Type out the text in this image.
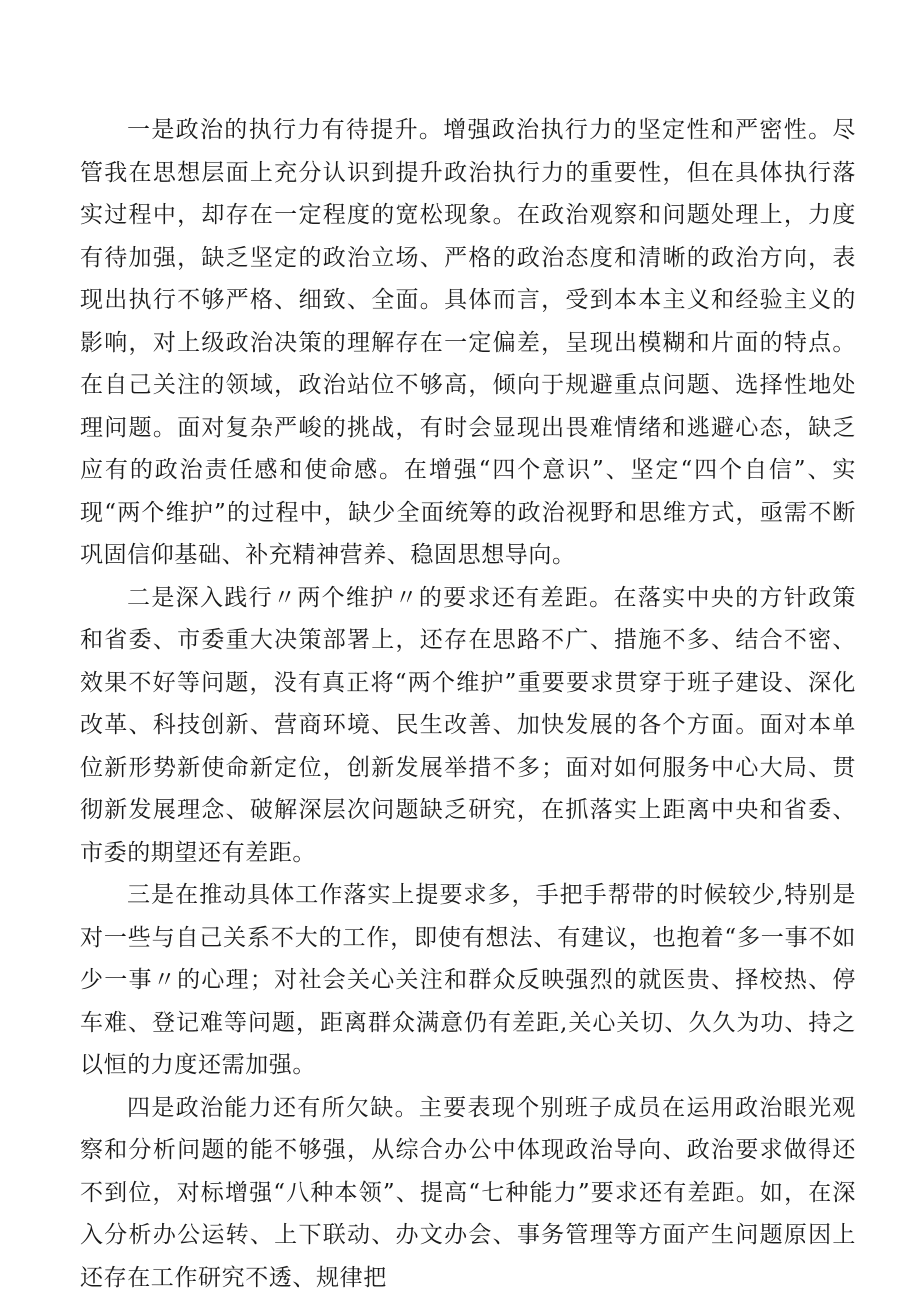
一是政治的执行力有待提升。增强政治执行力的坚定性和严密性。尽管我在思想层面上充分认识到提升政治执行力的重要性，但在具体执行落实过程中，却存在一定程度的宽松现象。在政治观察和问题处理上，力度有待加强，缺乏坚定的政治立场、严格的政治态度和清晰的政治方向，表现出执行不够严格、细致、全面。具体而言，受到本本主义和经验主义的影响，对上级政治决策的理解存在一定偏差，呈现出模糊和片面的特点。在自己关注的领域，政治站位不够高，倾向于规避重点问题、选择性地处理问题。面对复杂严峻的挑战，有时会显现出畏难情绪和逃避心态，缺乏应有的政治责任感和使命感。在增强“四个意识”、坚定“四个自信”、实现“两个维护”的过程中，缺少全面统筹的政治视野和思维方式，亟需不断巩固信仰基础、补充精神营养、稳固思想导向。

二是深入践行〃两个维护〃的要求还有差距。在落实中央的方针政策和省委、市委重大决策部署上，还存在思路不广、措施不多、结合不密、效果不好等问题，没有真正将“两个维护”重要要求贯穿于班子建设、深化改革、科技创新、营商环境、民生改善、加快发展的各个方面。面对本单位新形势新使命新定位，创新发展举措不多；面对如何服务中心大局、贯彻新发展理念、破解深层次问题缺乏研究，在抓落实上距离中央和省委、市委的期望还有差距。

三是在推动具体工作落实上提要求多，手把手帮带的时候较少,特别是对一些与自己关系不大的工作，即使有想法、有建议，也抱着“多一事不如少一事〃的心理；对社会关心关注和群众反映强烈的就医贵、择校热、停车难、登记难等问题，距离群众满意仍有差距,关心关切、久久为功、持之以恒的力度还需加强。

四是政治能力还有所欠缺。主要表现个别班子成员在运用政治眼光观察和分析问题的能不够强，从综合办公中体现政治导向、政治要求做得还不到位，对标增强“八种本领”、提高“七种能力”要求还有差距。如，在深入分析办公运转、上下联动、办文办会、事务管理等方面产生问题原因上还存在工作研究不透、规律把
